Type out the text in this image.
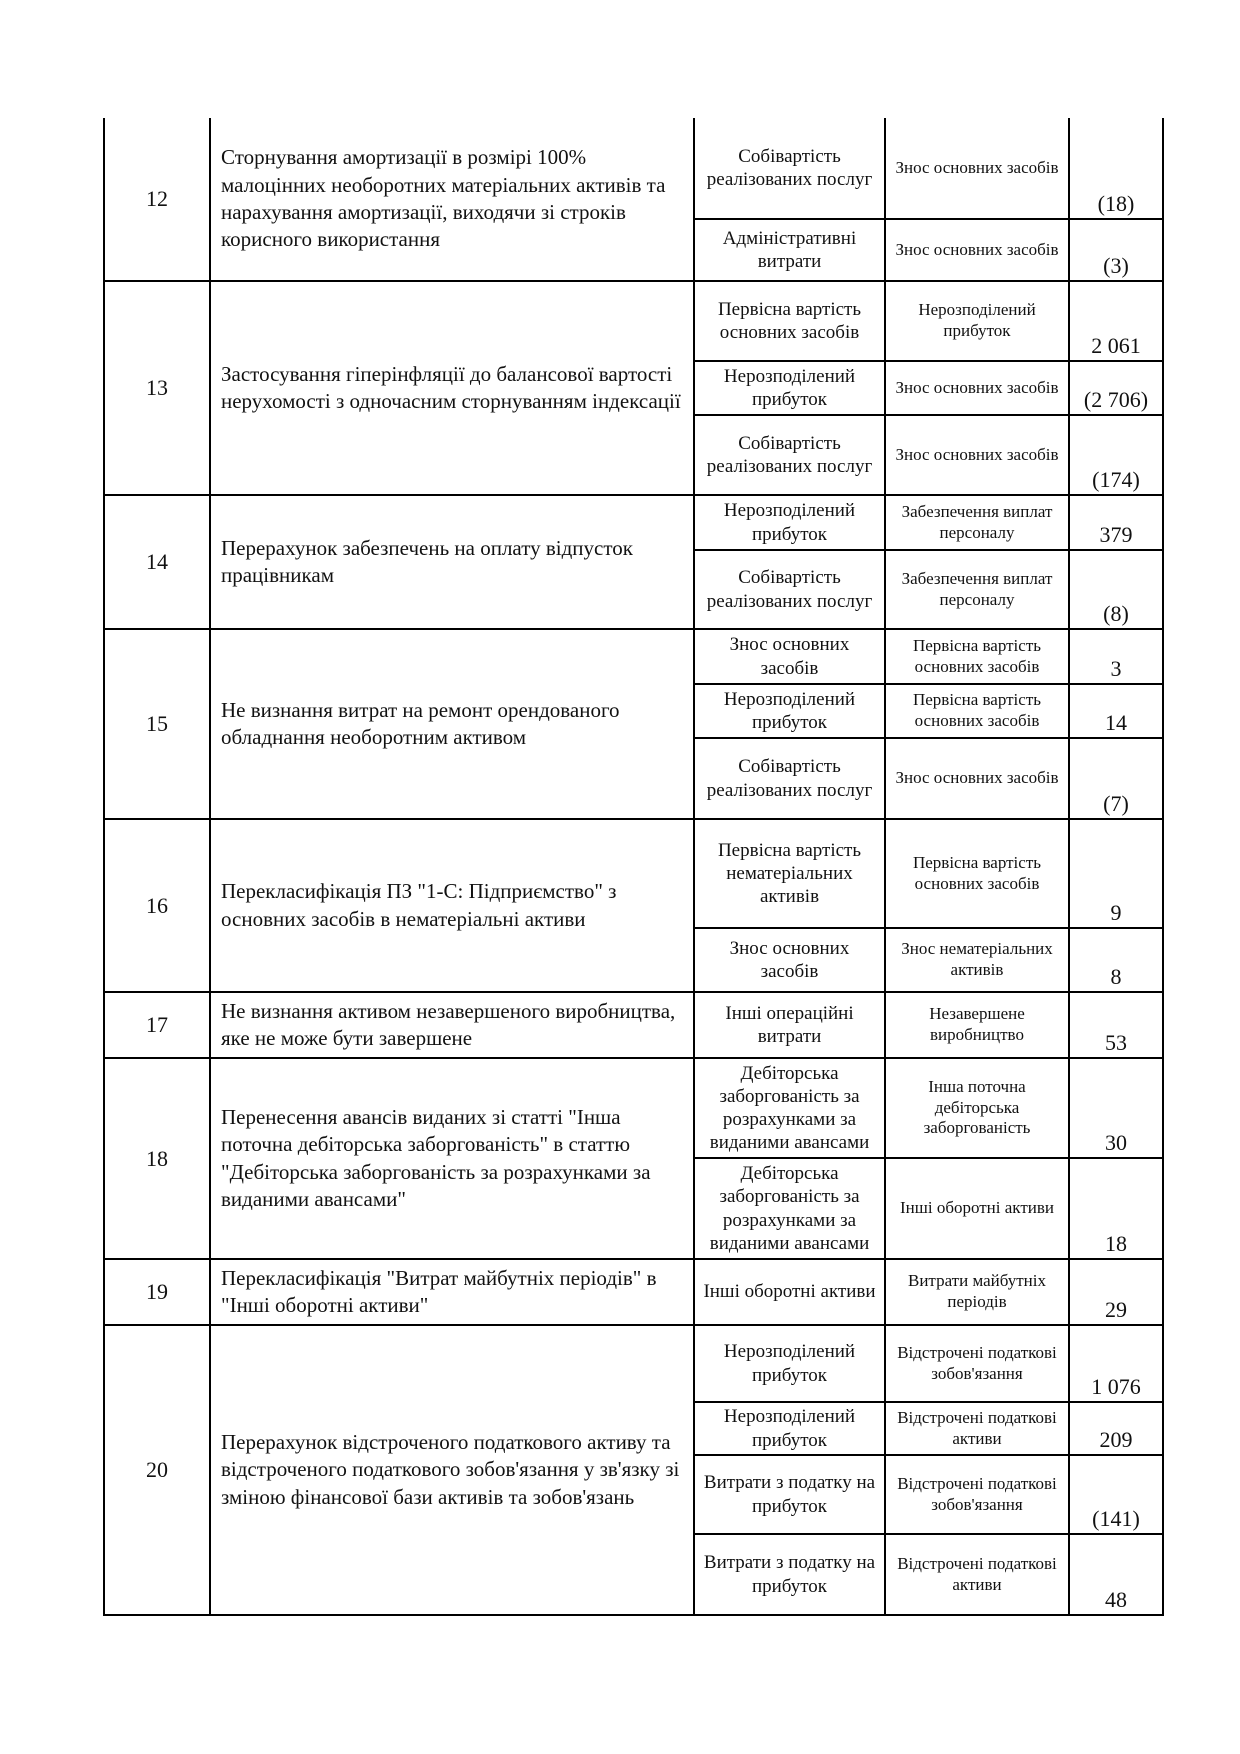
12	Сторнування амортизації в розмірі 100% малоцінних необоротних матеріальних активів та нарахування амортизації, виходячи зі строків корисного використання	Собівартість реалізованих послуг	Знос основних засобів	(18)
		Адміністративні витрати	Знос основних засобів	(3)
13	Застосування гіперінфляції до балансової вартості нерухомості з одночасним сторнуванням індексації	Первісна вартість основних засобів	Нерозподілений прибуток	2 061
		Нерозподілений прибуток	Знос основних засобів	(2 706)
		Собівартість реалізованих послуг	Знос основних засобів	(174)
14	Перерахунок забезпечень на оплату відпусток працівникам	Нерозподілений прибуток	Забезпечення виплат персоналу	379
		Собівартість реалізованих послуг	Забезпечення виплат персоналу	(8)
15	Не визнання витрат на ремонт орендованого обладнання необоротним активом	Знос основних засобів	Первісна вартість основних засобів	3
		Нерозподілений прибуток	Первісна вартість основних засобів	14
		Собівартість реалізованих послуг	Знос основних засобів	(7)
16	Перекласифікація ПЗ "1-С: Підприємство" з основних засобів в нематеріальні активи	Первісна вартість нематеріальних активів	Первісна вартість основних засобів	9
		Знос основних засобів	Знос нематеріальних активів	8
17	Не визнання активом незавершеного виробництва, яке не може бути завершене	Інші операційні витрати	Незавершене виробництво	53
18	Перенесення авансів виданих зі статті "Інша поточна дебіторська заборгованість" в статтю "Дебіторська заборгованість за розрахунками за виданими авансами"	Дебіторська заборгованість за розрахунками за виданими авансами	Інша поточна дебіторська заборгованість	30
		Дебіторська заборгованість за розрахунками за виданими авансами	Інші оборотні активи	18
19	Перекласифікація "Витрат майбутніх періодів" в "Інші оборотні активи"	Інші оборотні активи	Витрати майбутніх періодів	29
20	Перерахунок відстроченого податкового активу та відстроченого податкового зобов'язання у зв'язку зі зміною фінансової бази активів та зобов'язань	Нерозподілений прибуток	Відстрочені податкові зобов'язання	1 076
		Нерозподілений прибуток	Відстрочені податкові активи	209
		Витрати з податку на прибуток	Відстрочені податкові зобов'язання	(141)
		Витрати з податку на прибуток	Відстрочені податкові активи	48
